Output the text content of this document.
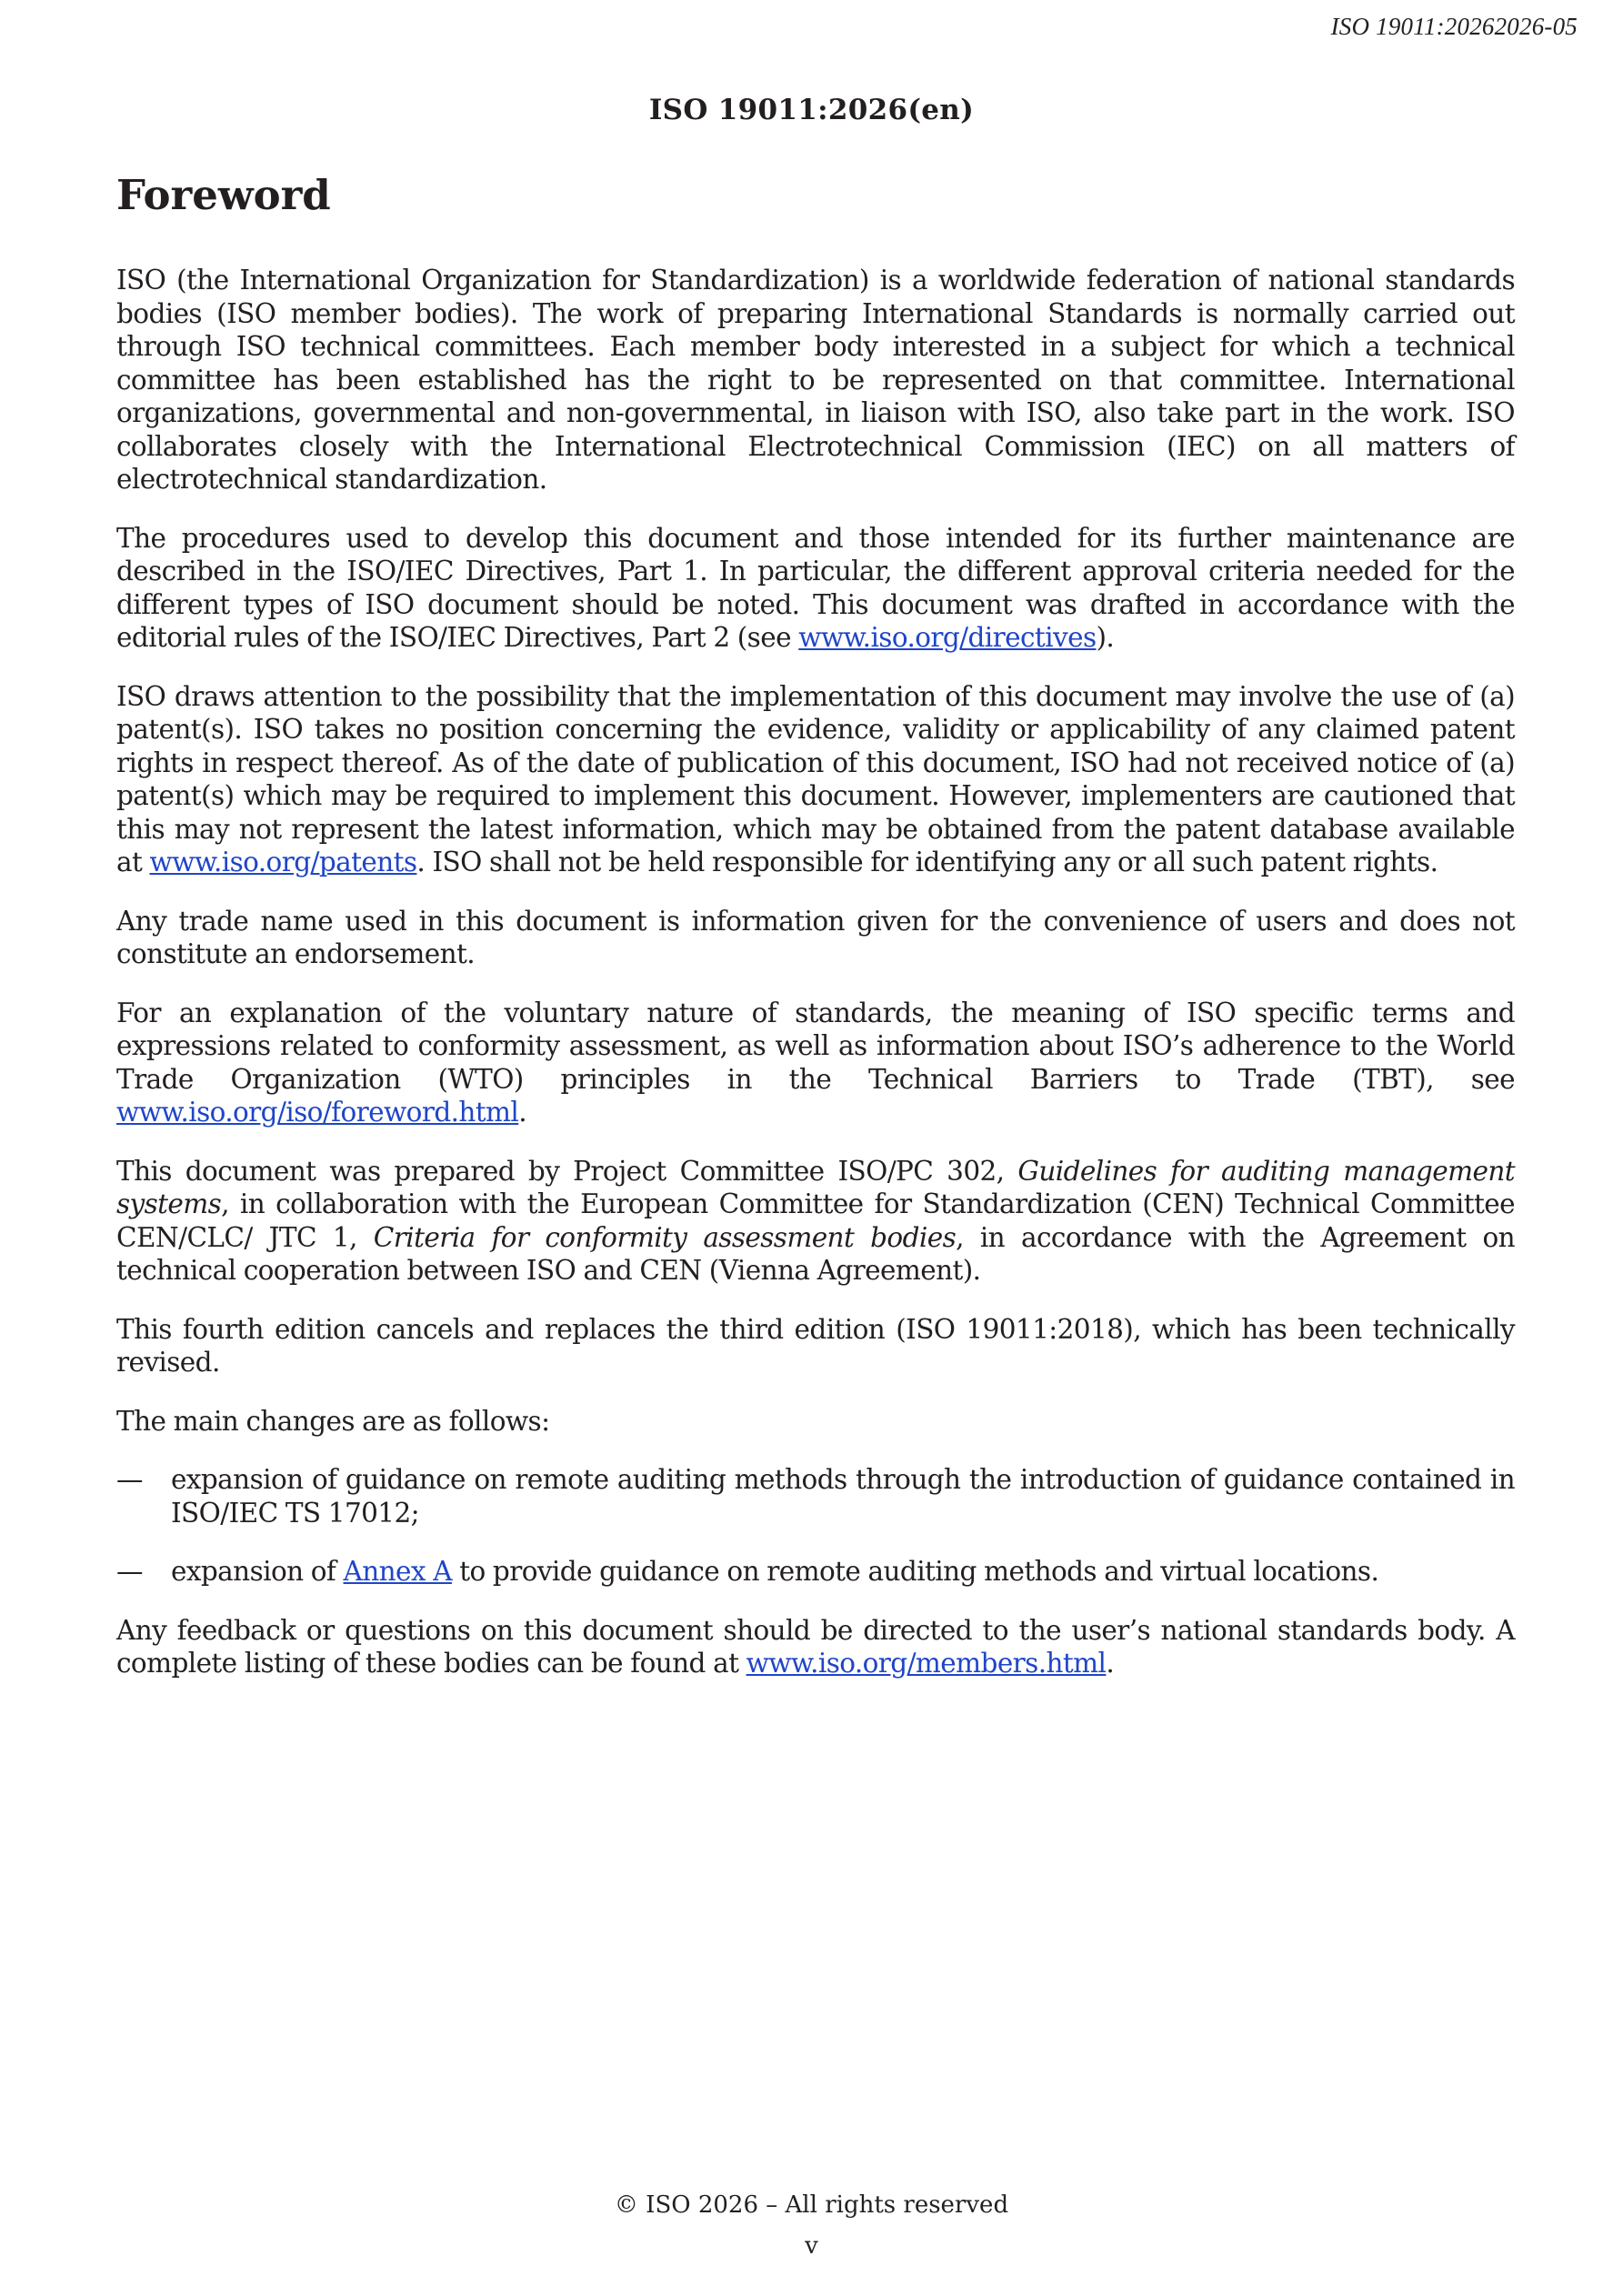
ISO 19011:20262026-05
ISO 19011:2026(en)
Foreword

ISO (the International Organization for Standardization) is a worldwide federation of national standards bodies (ISO member bodies). The work of preparing International Standards is normally carried out through ISO technical committees. Each member body interested in a subject for which a technical committee has been established has the right to be represented on that committee. International organizations, governmental and non-governmental, in liaison with ISO, also take part in the work. ISO collaborates closely with the International Electrotechnical Commission (IEC) on all matters of electrotechnical standardization.

The procedures used to develop this document and those intended for its further maintenance are described in the ISO/IEC Directives, Part 1. In particular, the different approval criteria needed for the different types of ISO document should be noted. This document was drafted in accordance with the editorial rules of the ISO/IEC Directives, Part 2 (see www.iso.org/directives).

ISO draws attention to the possibility that the implementation of this document may involve the use of (a) patent(s). ISO takes no position concerning the evidence, validity or applicability of any claimed patent rights in respect thereof. As of the date of publication of this document, ISO had not received notice of (a) patent(s) which may be required to implement this document. However, implementers are cautioned that this may not represent the latest information, which may be obtained from the patent database available at www.iso.org/patents. ISO shall not be held responsible for identifying any or all such patent rights.

Any trade name used in this document is information given for the convenience of users and does not constitute an endorsement.

For an explanation of the voluntary nature of standards, the meaning of ISO specific terms and expressions related to conformity assessment, as well as information about ISO’s adherence to the World Trade Organization (WTO) principles in the Technical Barriers to Trade (TBT), see www.iso.org/iso/foreword.html.

This document was prepared by Project Committee ISO/PC 302, Guidelines for auditing management systems, in collaboration with the European Committee for Standardization (CEN) Technical Committee CEN/CLC/ JTC 1, Criteria for conformity assessment bodies, in accordance with the Agreement on technical cooperation between ISO and CEN (Vienna Agreement).

This fourth edition cancels and replaces the third edition (ISO 19011:2018), which has been technically revised.

The main changes are as follows:

— expansion of guidance on remote auditing methods through the introduction of guidance contained in ISO/IEC TS 17012;
— expansion of Annex A to provide guidance on remote auditing methods and virtual locations.

Any feedback or questions on this document should be directed to the user’s national standards body. A complete listing of these bodies can be found at www.iso.org/members.html.

© ISO 2026 – All rights reserved
v
